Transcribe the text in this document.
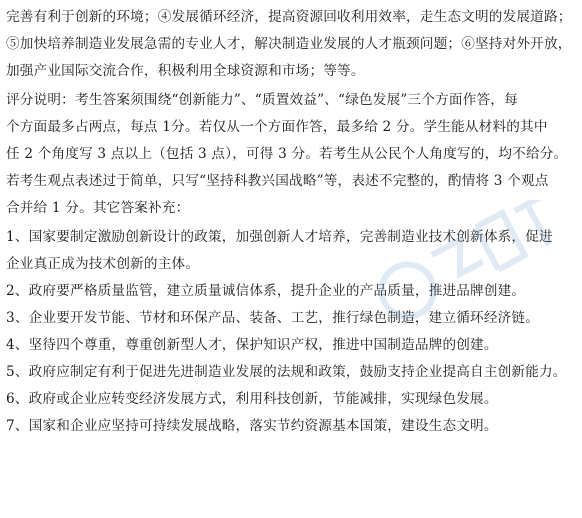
完善有利于创新的环境；④发展循环经济，提高资源回收利用效率，走生态文明的发展道路；
⑤加快培养制造业发展急需的专业人才，解决制造业发展的人才瓶颈问题；⑥坚持对外开放，
加强产业国际交流合作，积极利用全球资源和市场；等等。
评分说明：考生答案须围绕“创新能力”、“质置效益”、“绿色发展”三个方面作答，每
个方面最多占两点，每点 1分。若仅从一个方面作答，最多给 2 分。学生能从材料的其中
任 2 个角度写 3 点以上（包括 3 点），可得 3 分。若考生从公民个人角度写的，均不给分。
若考生观点表述过于简单，只写“坚持科教兴国战略”等，表述不完整的，酌情将 3 个观点
合并给 1 分。其它答案补充：
1、国家要制定激励创新设计的政策，加强创新人才培养，完善制造业技术创新体系，促进
企业真正成为技术创新的主体。
2、政府要严格质量监管，建立质量诚信体系，提升企业的产品质量，推进品牌创建。
3、企业要开发节能、节材和环保产品、装备、工艺，推行绿色制造，建立循环经济链。
4、坚待四个尊重，尊重创新型人才，保护知识产权，推进中国制造品牌的创建。
5、政府应制定有利于促进先进制造业发展的法规和政策，鼓励支持企业提高自主创新能力。
6、政府或企业应转变经济发展方式，利用科技创新，节能减排，实现绿色发展。
7、国家和企业应坚持可持续发展战略，落实节约资源基本国策，建设生态文明。
